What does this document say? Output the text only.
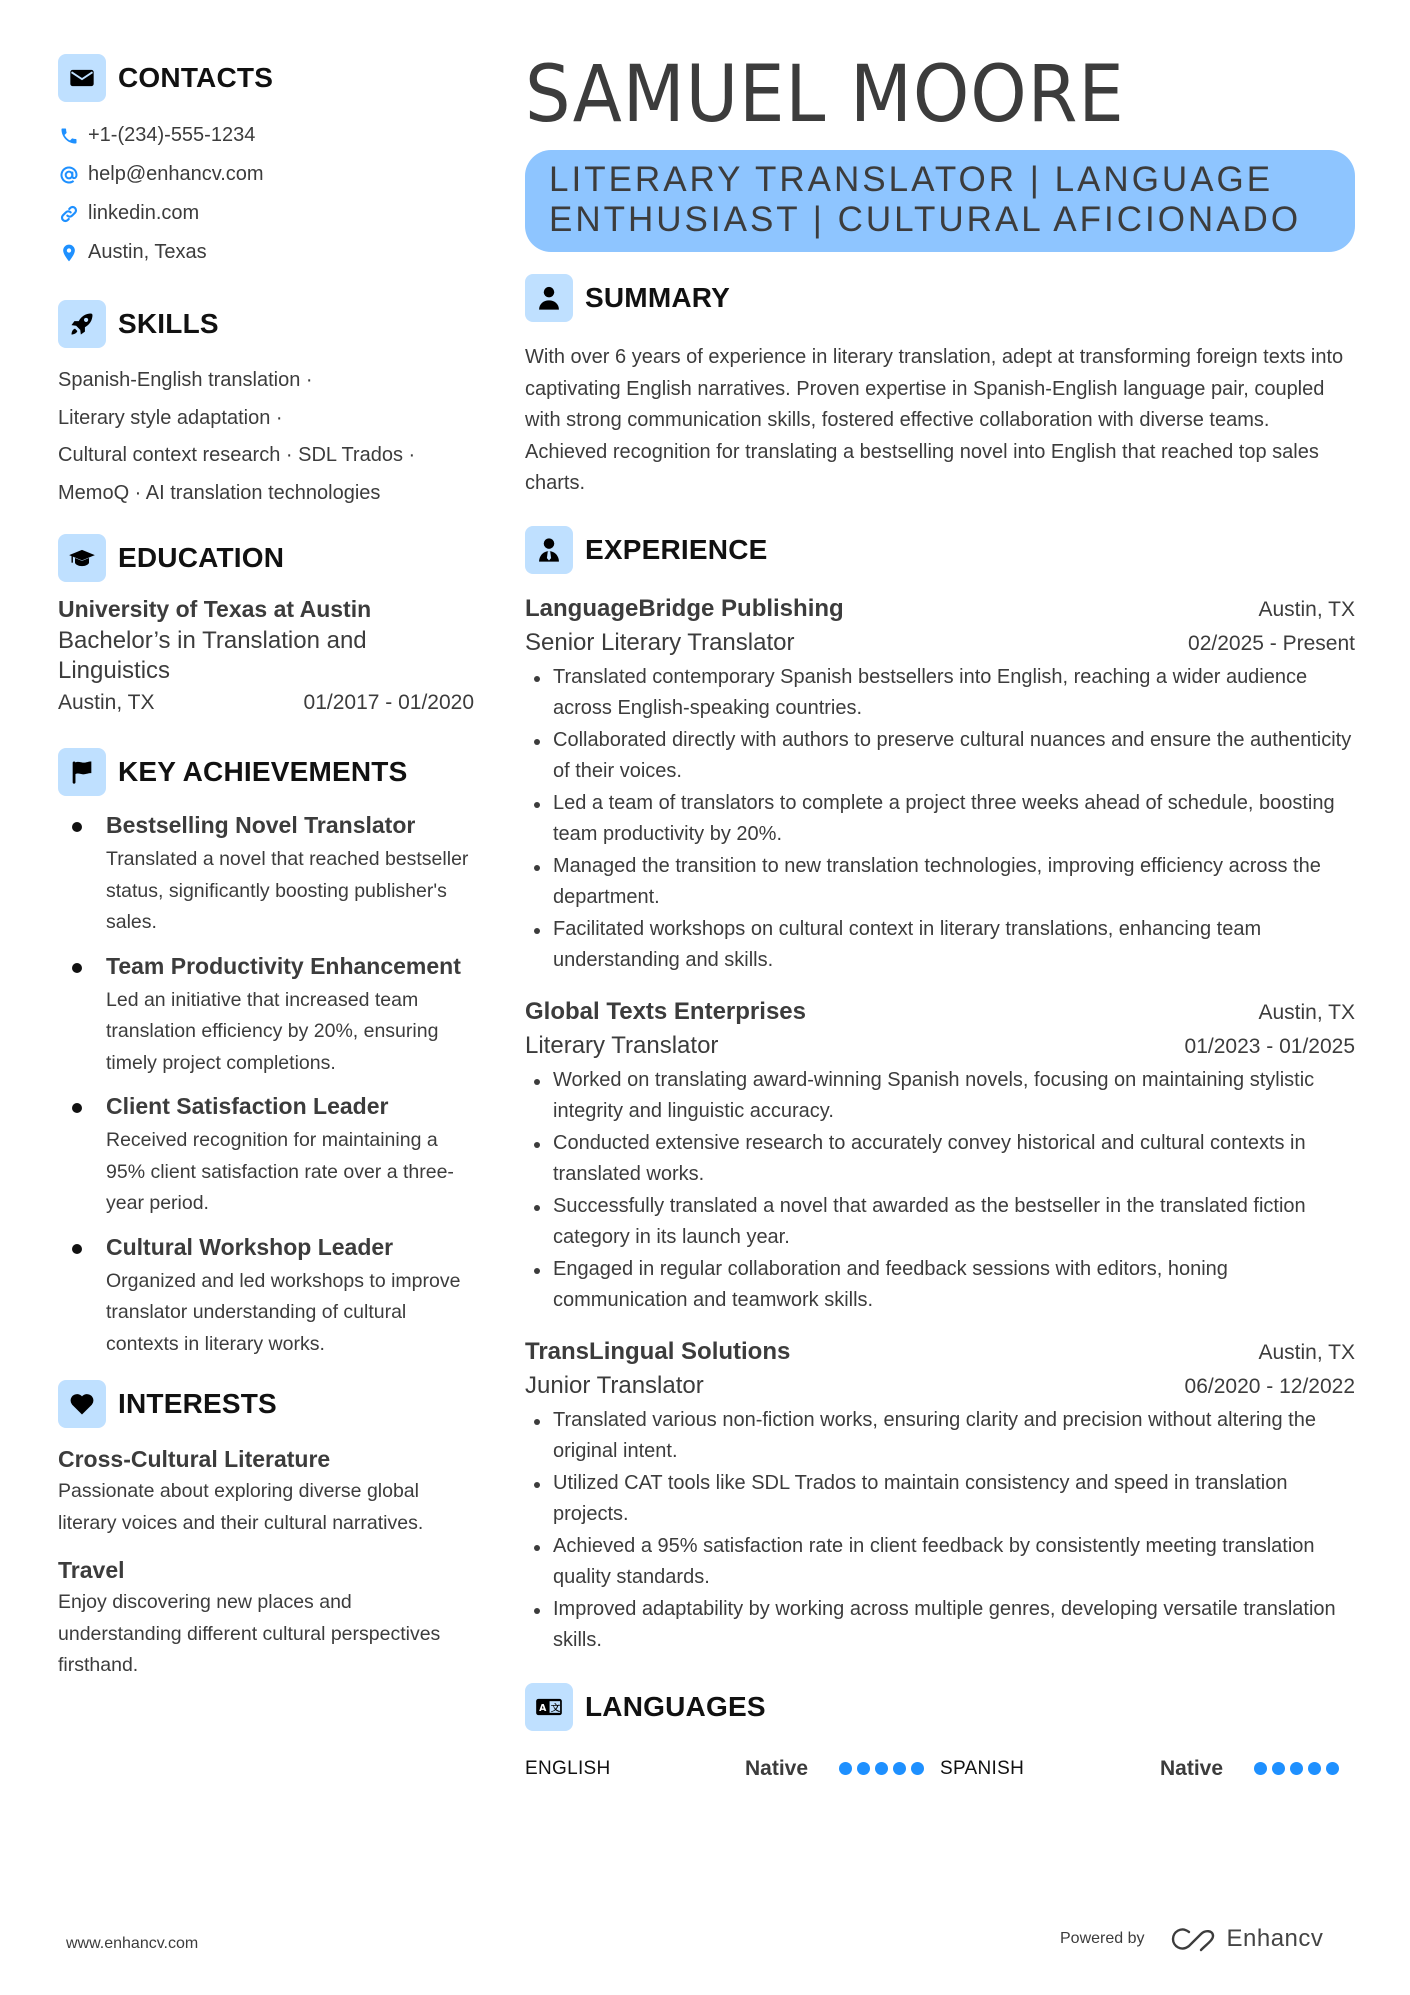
CONTACTS
+1-(234)-555-1234
help@enhancv.com
linkedin.com
Austin, Texas
SKILLS
Spanish-English translation ·
Literary style adaptation ·
Cultural context research · SDL Trados ·
MemoQ · AI translation technologies
EDUCATION
University of Texas at Austin
Bachelor’s in Translation and Linguistics
Austin, TX	01/2017 - 01/2020
KEY ACHIEVEMENTS
Bestselling Novel Translator
Translated a novel that reached bestseller status, significantly boosting publisher's sales.
Team Productivity Enhancement
Led an initiative that increased team translation efficiency by 20%, ensuring timely project completions.
Client Satisfaction Leader
Received recognition for maintaining a 95% client satisfaction rate over a three-year period.
Cultural Workshop Leader
Organized and led workshops to improve translator understanding of cultural contexts in literary works.
INTERESTS
Cross-Cultural Literature
Passionate about exploring diverse global literary voices and their cultural narratives.
Travel
Enjoy discovering new places and understanding different cultural perspectives firsthand.
SAMUEL MOORE
LITERARY TRANSLATOR | LANGUAGE ENTHUSIAST | CULTURAL AFICIONADO
SUMMARY

With over 6 years of experience in literary translation, adept at transforming foreign texts into captivating English narratives. Proven expertise in Spanish-English language pair, coupled with strong communication skills, fostered effective collaboration with diverse teams. Achieved recognition for translating a bestselling novel into English that reached top sales charts.

EXPERIENCE
LanguageBridge Publishing	Austin, TX
Senior Literary Translator	02/2025 - Present
Translated contemporary Spanish bestsellers into English, reaching a wider audience across English-speaking countries.
Collaborated directly with authors to preserve cultural nuances and ensure the authenticity of their voices.
Led a team of translators to complete a project three weeks ahead of schedule, boosting team productivity by 20%.
Managed the transition to new translation technologies, improving efficiency across the department.
Facilitated workshops on cultural context in literary translations, enhancing team understanding and skills.
Global Texts Enterprises	Austin, TX
Literary Translator	01/2023 - 01/2025
Worked on translating award-winning Spanish novels, focusing on maintaining stylistic integrity and linguistic accuracy.
Conducted extensive research to accurately convey historical and cultural contexts in translated works.
Successfully translated a novel that awarded as the bestseller in the translated fiction category in its launch year.
Engaged in regular collaboration and feedback sessions with editors, honing communication and teamwork skills.
TransLingual Solutions	Austin, TX
Junior Translator	06/2020 - 12/2022
Translated various non-fiction works, ensuring clarity and precision without altering the original intent.
Utilized CAT tools like SDL Trados to maintain consistency and speed in translation projects.
Achieved a 95% satisfaction rate in client feedback by consistently meeting translation quality standards.
Improved adaptability by working across multiple genres, developing versatile translation skills.
A 文 LANGUAGES
ENGLISH	Native	SPANISH	Native
www.enhancv.com	Powered by	Enhancv
